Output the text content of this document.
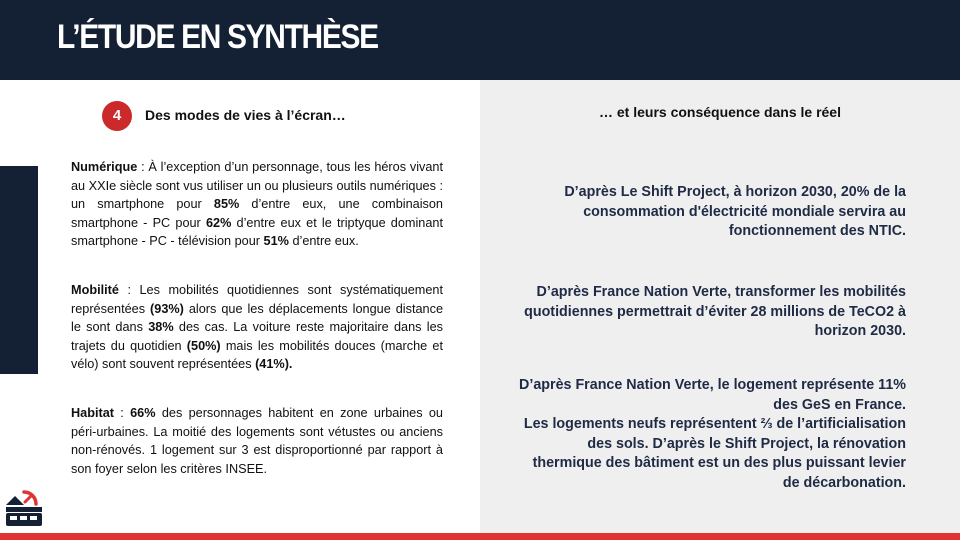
L’ÉTUDE EN SYNTHÈSE
4	Des modes de vies à l’écran…	… et leurs conséquence dans le réel
Numérique : À l’exception d’un personnage, tous les héros vivant au XXIe siècle sont vus utiliser un ou plusieurs outils numériques : un smartphone pour 85% d’entre eux, une combinaison smartphone - PC pour 62% d’entre eux et le triptyque dominant smartphone - PC - télévision pour 51% d’entre eux.
Mobilité : Les mobilités quotidiennes sont systématiquement représentées (93%) alors que les déplacements longue distance le sont dans 38% des cas. La voiture reste majoritaire dans les trajets du quotidien (50%) mais les mobilités douces (marche et vélo) sont souvent représentées (41%).
Habitat : 66% des personnages habitent en zone urbaines ou péri-urbaines. La moitié des logements sont vétustes ou anciens non-rénovés. 1 logement sur 3 est disproportionné par rapport à son foyer selon les critères INSEE.
D’après Le Shift Project, à horizon 2030, 20% de la consommation d'électricité mondiale servira au fonctionnement des NTIC.
D’après France Nation Verte, transformer les mobilités quotidiennes permettrait d’éviter 28 millions de TeCO2 à horizon 2030.
D’après France Nation Verte, le logement représente 11% des GeS en France.
Les logements neufs représentent ⅔ de l’artificialisation des sols. D’après le Shift Project, la rénovation thermique des bâtiment est un des plus puissant levier de décarbonation.
